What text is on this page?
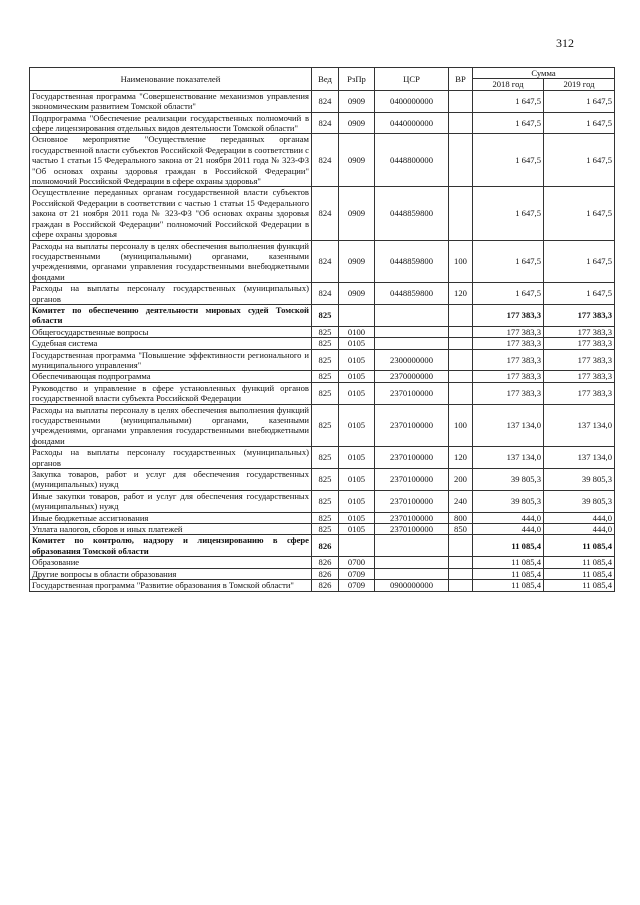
312
Наименование показателей	Вед	РзПр	ЦСР	ВР	Сумма	
					2018 год	2019 год
Государственная программа "Совершенствование механизмов управления экономическим развитием Томской области"	824	0909	0400000000		1 647,5	1 647,5
Подпрограмма "Обеспечение реализации государственных полномочий в сфере лицензирования отдельных видов деятельности Томской области"	824	0909	0440000000		1 647,5	1 647,5
Основное мероприятие "Осуществление переданных органам государственной власти субъектов Российской Федерации в соответствии с частью 1 статьи 15 Федерального закона от 21 ноября 2011 года № 323-ФЗ "Об основах охраны здоровья граждан в Российской Федерации" полномочий Российской Федерации в сфере охраны здоровья"	824	0909	0448800000		1 647,5	1 647,5
Осуществление переданных органам государственной власти субъектов Российской Федерации в соответствии с частью 1 статьи 15 Федерального закона от 21 ноября 2011 года № 323-ФЗ "Об основах охраны здоровья граждан в Российской Федерации" полномочий Российской Федерации в сфере охраны здоровья	824	0909	0448859800		1 647,5	1 647,5
Расходы на выплаты персоналу в целях обеспечения выполнения функций государственными (муниципальными) органами, казенными учреждениями, органами управления государственными внебюджетными фондами	824	0909	0448859800	100	1 647,5	1 647,5
Расходы на выплаты персоналу государственных (муниципальных) органов	824	0909	0448859800	120	1 647,5	1 647,5
Комитет по обеспечению деятельности мировых судей Томской области	825				177 383,3	177 383,3
Общегосударственные вопросы	825	0100			177 383,3	177 383,3
Судебная система	825	0105			177 383,3	177 383,3
Государственная программа "Повышение эффективности регионального и муниципального управления"	825	0105	2300000000		177 383,3	177 383,3
Обеспечивающая подпрограмма	825	0105	2370000000		177 383,3	177 383,3
Руководство и управление в сфере установленных функций органов государственной власти субъекта Российской Федерации	825	0105	2370100000		177 383,3	177 383,3
Расходы на выплаты персоналу в целях обеспечения выполнения функций государственными (муниципальными) органами, казенными учреждениями, органами управления государственными внебюджетными фондами	825	0105	2370100000	100	137 134,0	137 134,0
Расходы на выплаты персоналу государственных (муниципальных) органов	825	0105	2370100000	120	137 134,0	137 134,0
Закупка товаров, работ и услуг для обеспечения государственных (муниципальных) нужд	825	0105	2370100000	200	39 805,3	39 805,3
Иные закупки товаров, работ и услуг для обеспечения государственных (муниципальных) нужд	825	0105	2370100000	240	39 805,3	39 805,3
Иные бюджетные ассигнования	825	0105	2370100000	800	444,0	444,0
Уплата налогов, сборов и иных платежей	825	0105	2370100000	850	444,0	444,0
Комитет по контролю, надзору и лицензированию в сфере образования Томской области	826				11 085,4	11 085,4
Образование	826	0700			11 085,4	11 085,4
Другие вопросы в области образования	826	0709			11 085,4	11 085,4
Государственная программа "Развитие образования в Томской области"	826	0709	0900000000		11 085,4	11 085,4
